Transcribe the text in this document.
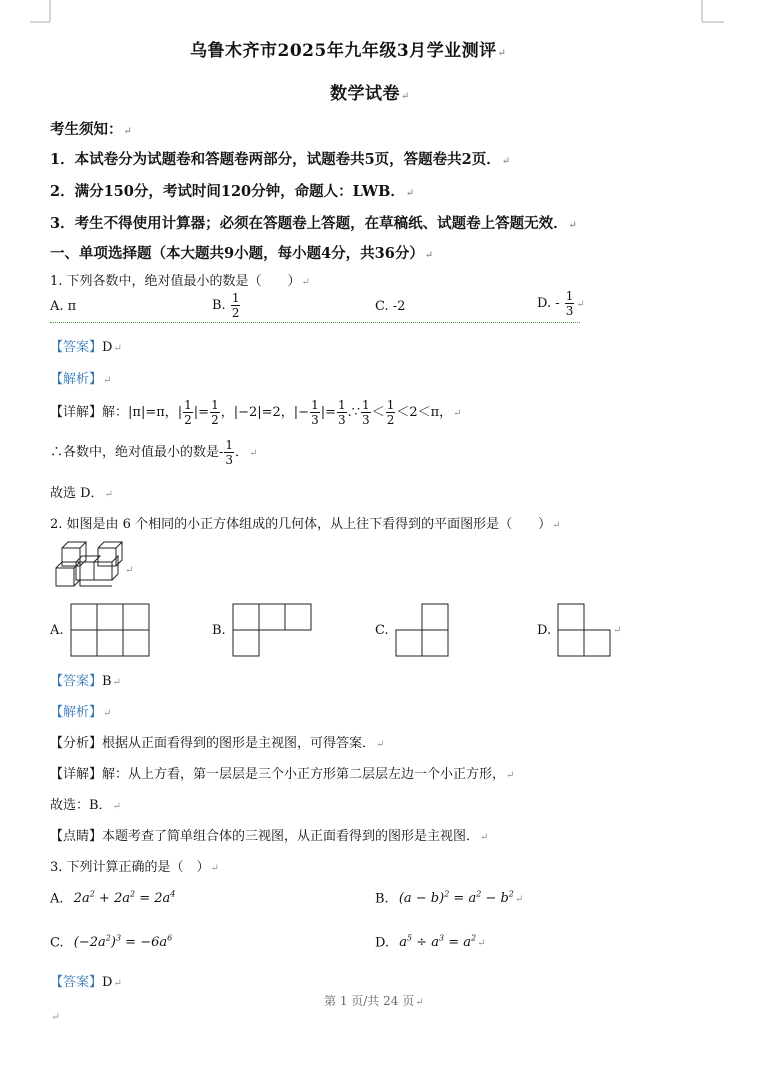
乌鲁木齐市2025年九年级3月学业测评↵
数学试卷↵
考生须知：↵
1．本试卷分为试题卷和答题卷两部分，试题卷共5页，答题卷共2页．↵
2．满分150分，考试时间120分钟，命题人：LWB．↵
3．考生不得使用计算器；必须在答题卷上答题，在草稿纸、试题卷上答题无效．↵
一、单项选择题（本大题共9小题，每小题4分，共36分）↵
1. 下列各数中，绝对值最小的数是（　　）↵
A. π	B. $\frac{1}{2}$	C. -2	D. - $\frac{1}{3}$ ↵
【答案】D↵
【解析】↵
【详解】解：|π|=π，| $\frac{1}{2}$ |= $\frac{1}{2}$ ，|−2|=2，|− $\frac{1}{3}$ |= $\frac{1}{3}$ .∵ $\frac{1}{3} < \frac{1}{2} <2<\pi$，↵
∴各数中，绝对值最小的数是- $\frac{1}{3}$ ．↵
故选 D．↵
2. 如图是由 6 个相同的小正方体组成的几何体，从上往下看得到的平面图形是（　　）↵
↵
A.	B.	C.	D.	↵
【答案】B↵
【解析】↵
【分析】根据从正面看得到的图形是主视图，可得答案．↵
【详解】解：从上方看，第一层层是三个小正方形第二层层左边一个小正方形，↵
故选：B．↵
【点睛】本题考查了简单组合体的三视图，从正面看得到的图形是主视图．↵
3. 下列计算正确的是（　）↵
A. $2a^2 + 2a^2 = 2a^4$	B. $(a - b)^2 = a^2$ − $b^2↵$
C. $(-2a^2)^3 = -6a^6$	D. $a^5 \div a^3$ = $a^2↵$
【答案】D↵
第 1 页/共 24 页↵
↵
